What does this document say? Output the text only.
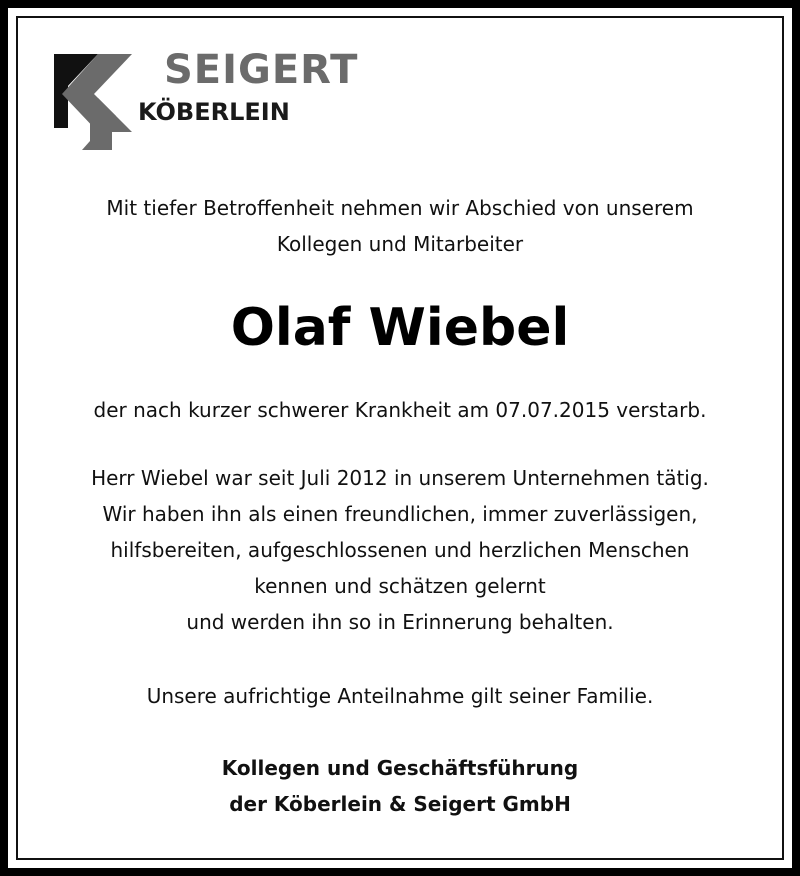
SEIGERT
KÖBERLEIN
Mit tiefer Betroffenheit nehmen wir Abschied von unserem
Kollegen und Mitarbeiter
Olaf Wiebel
der nach kurzer schwerer Krankheit am 07.07.2015 verstarb.
Herr Wiebel war seit Juli 2012 in unserem Unternehmen tätig.
Wir haben ihn als einen freundlichen, immer zuverlässigen,
hilfsbereiten, aufgeschlossenen und herzlichen Menschen
kennen und schätzen gelernt
und werden ihn so in Erinnerung behalten.
Unsere aufrichtige Anteilnahme gilt seiner Familie.
Kollegen und Geschäftsführung
der Köberlein & Seigert GmbH
